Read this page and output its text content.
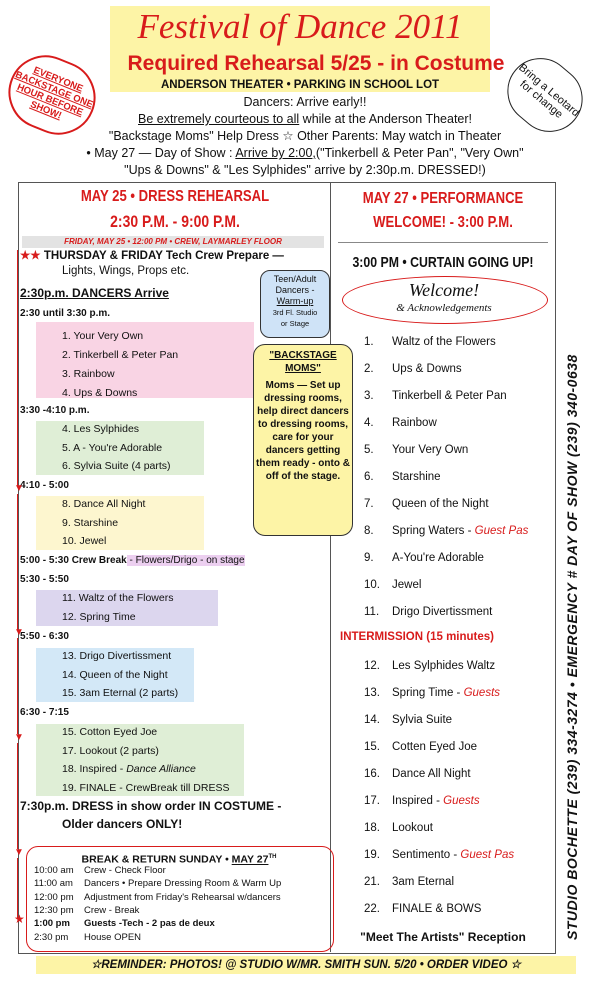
Festival of Dance 2011
Required Rehearsal 5/25 - in Costume
ANDERSON THEATER • PARKING IN SCHOOL LOT
EVERYONE BACKSTAGE ONE HOUR BEFORE SHOW!	Bring a Leotard for change
Dancers: Arrive early!!
Be extremely courteous to all while at the Anderson Theater!
"Backstage Moms" Help Dress ☆ Other Parents: May watch in Theater
• May 27 — Day of Show : Arrive by 2:00,("Tinkerbell & Peter Pan", "Very Own"
"Ups & Downs" & "Les Sylphides" arrive by 2:30p.m. DRESSED!)
MAY 25 • DRESS REHEARSAL
2:30 P.M. - 9:00 P.M.
FRIDAY, MAY 25 • 12:00 PM • CREW, LAYMARLEY FLOOR
★★ THURSDAY & FRIDAY Tech Crew Prepare —
Lights, Wings, Props etc.
2:30p.m. DANCERS Arrive
2:30 until 3:30 p.m.
1. Your Very Own
2. Tinkerbell & Peter Pan
3. Rainbow
4. Ups & Downs
3:30 -4:10 p.m.
4. Les Sylphides
5. A - You're Adorable
6. Sylvia Suite (4 parts)
4:10 - 5:00
8. Dance All Night
9. Starshine
10. Jewel
5:00 - 5:30 Crew Break - Flowers/Drigo - on stage
5:30 - 5:50
11. Waltz of the Flowers
12. Spring Time
5:50 - 6:30
13. Drigo Divertissment
14. Queen of the Night
15. 3am Eternal (2 parts)
6:30 - 7:15
15. Cotton Eyed Joe
17. Lookout (2 parts)
18. Inspired - Dance Alliance
19. FINALE - CrewBreak till DRESS
7:30p.m. DRESS in show order IN COSTUME -
Older dancers ONLY!
▼
▼
▼
▼
★
Teen/Adult
Dancers -
Warm-up
3rd Fl. Studio
or Stage
"BACKSTAGE
MOMS"
Moms — Set up dressing rooms, help direct dancers to dressing rooms, care for your dancers getting them ready - onto & off of the stage.
BREAK & RETURN SUNDAY • MAY 27TH
10:00 am Crew - Check Floor
11:00 am Dancers • Prepare Dressing Room & Warm Up
12:00 pm Adjustment from Friday's Rehearsal w/dancers
12:30 pm Crew - Break
1:00 pm Guests -Tech - 2 pas de deux
2:30 pm House OPEN
MAY 27 • PERFORMANCE
WELCOME! - 3:00 P.M.
3:00 PM • CURTAIN GOING UP!
Welcome!
& Acknowledgements
1. Waltz of the Flowers
2. Ups & Downs
3. Tinkerbell & Peter Pan
4. Rainbow
5. Your Very Own
6. Starshine
7. Queen of the Night
8. Spring Waters - Guest Pas
9. A-You're Adorable
10. Jewel
11. Drigo Divertissment
INTERMISSION (15 minutes)
12. Les Sylphides Waltz
13. Spring Time - Guests
14. Sylvia Suite
15. Cotten Eyed Joe
16. Dance All Night
17. Inspired - Guests
18. Lookout
19. Sentimento - Guest Pas
21. 3am Eternal
22. FINALE & BOWS
"Meet The Artists" Reception	STUDIO BOCHETTE (239) 334-3274 • EMERGENCY # DAY OF SHOW (239) 340-0638
☆REMINDER: PHOTOS! @ STUDIO W/MR. SMITH SUN. 5/20 • ORDER VIDEO ☆
